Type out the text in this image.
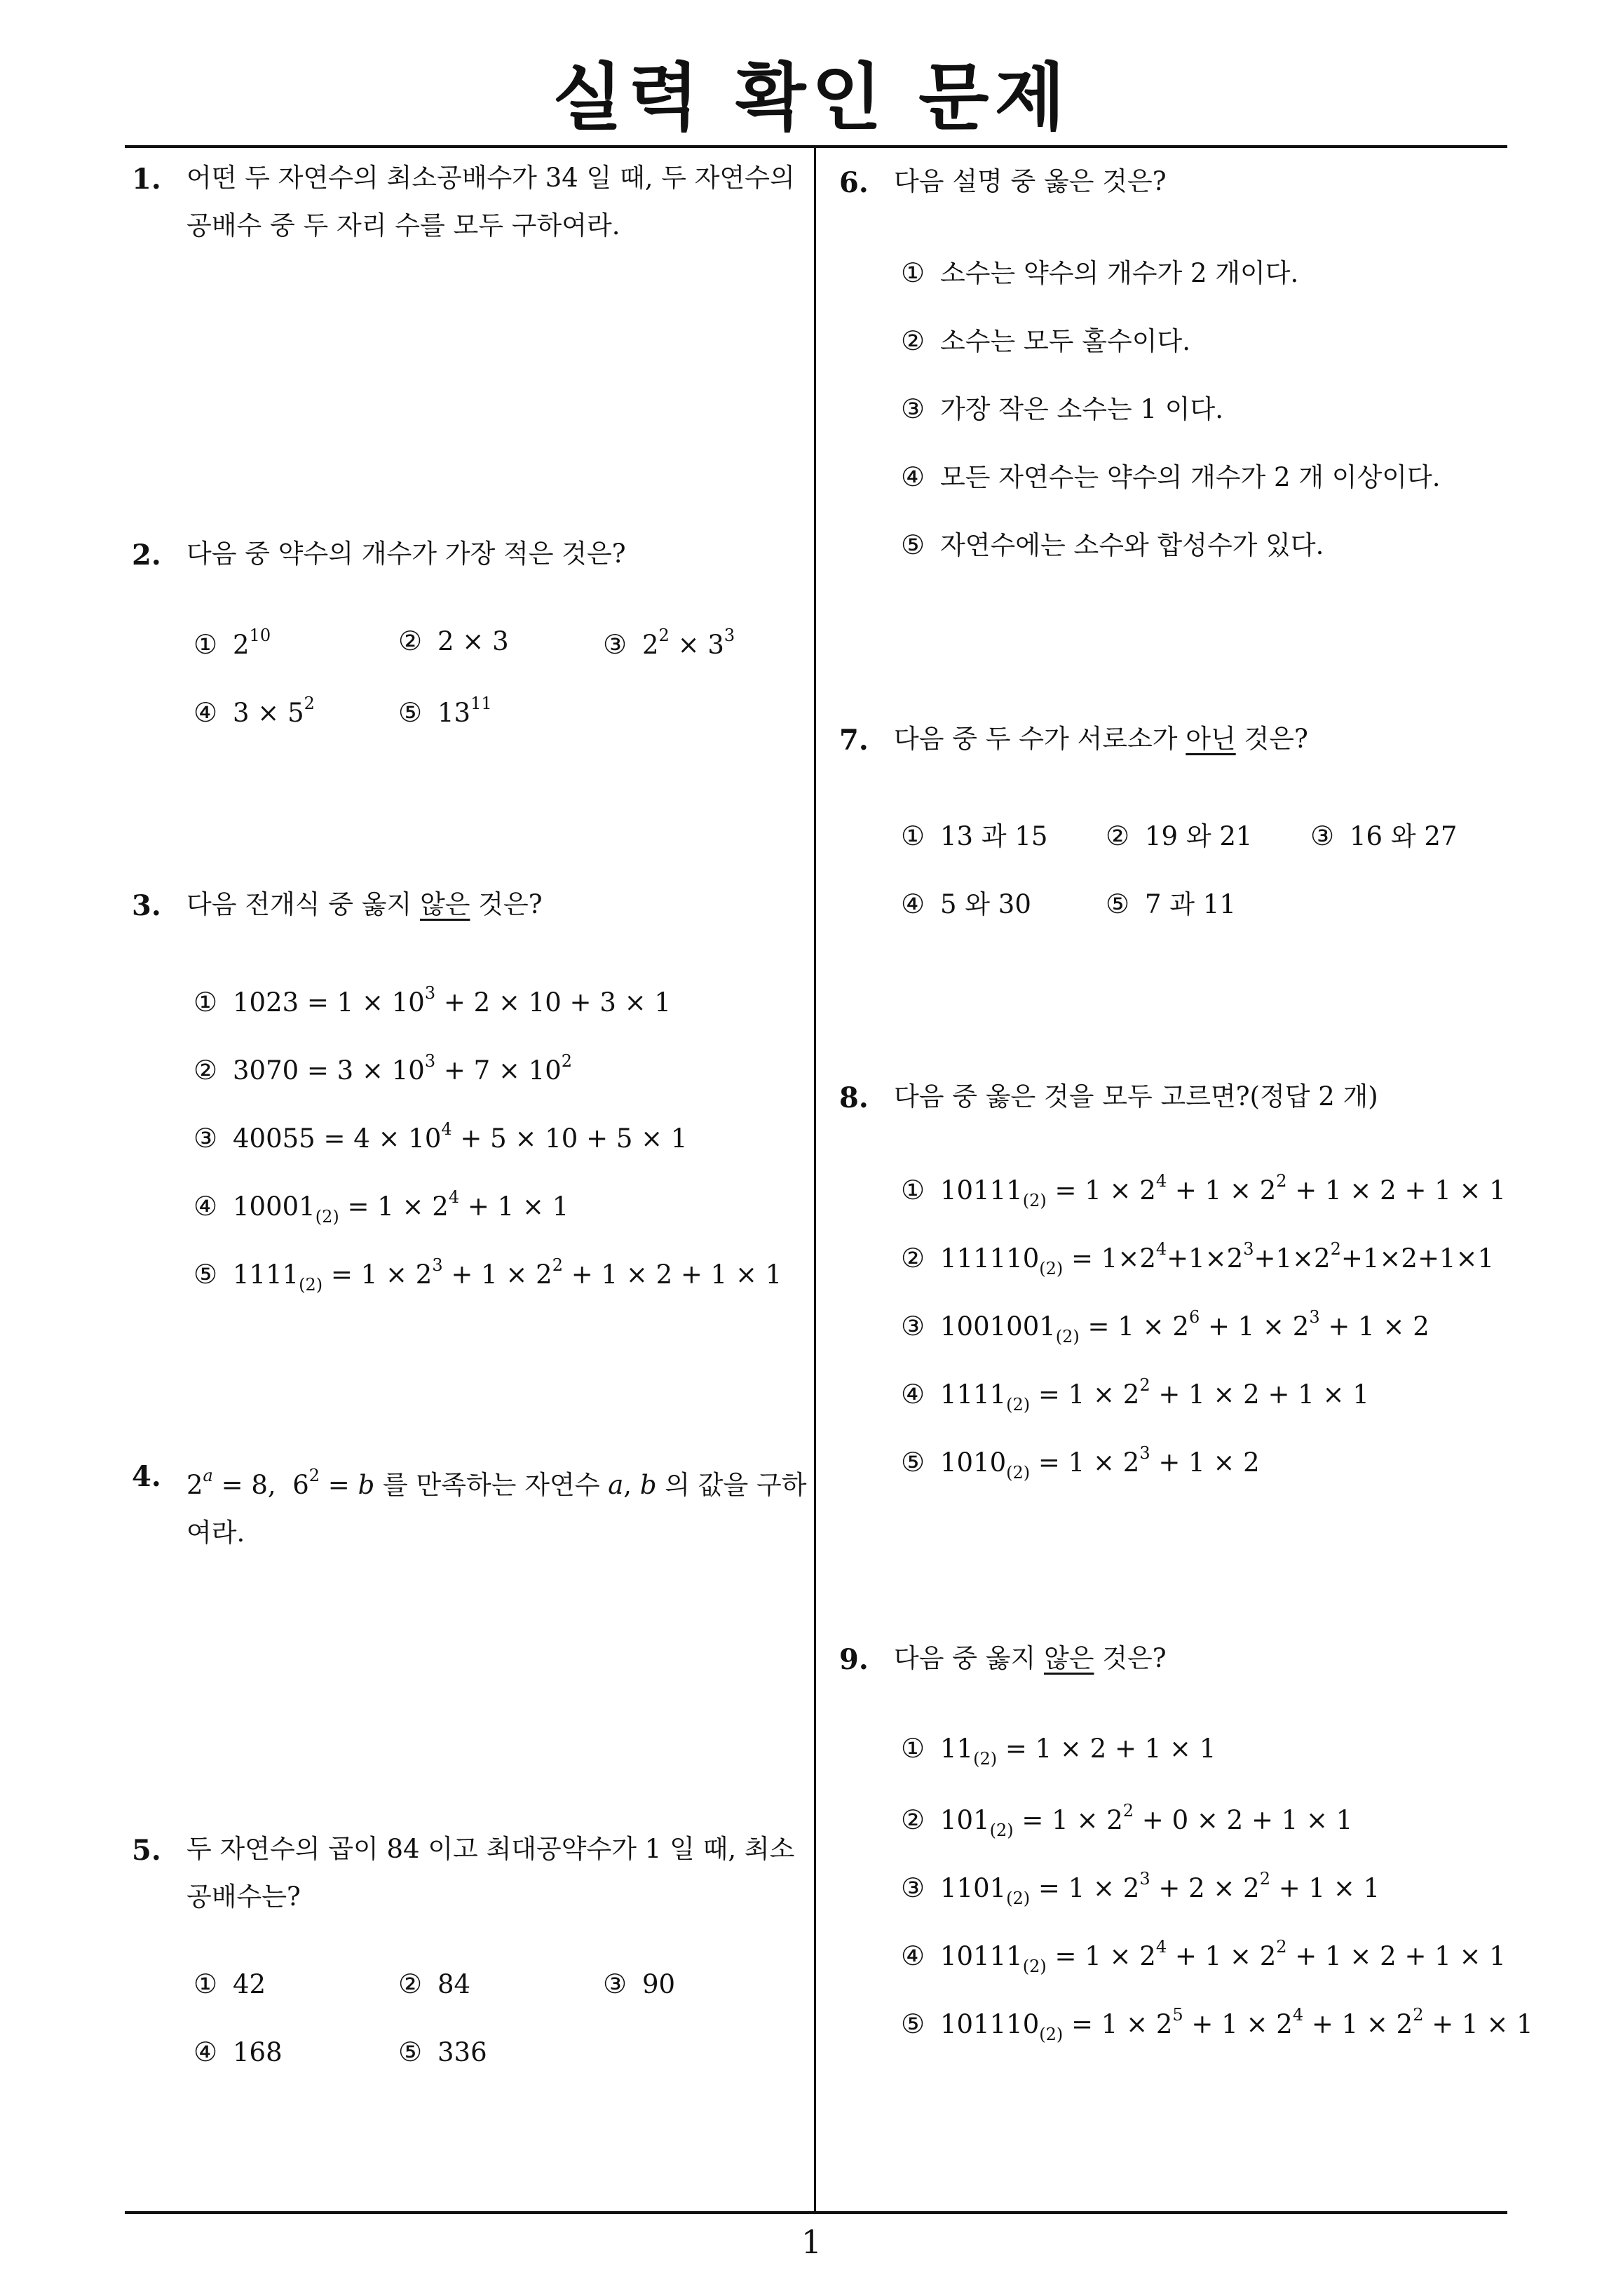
실력 확인 문제
1
1. 어떤 두 자연수의 최소공배수가 34 일 때, 두 자연수의
공배수 중 두 자리 수를 모두 구하여라.
2. 다음 중 약수의 개수가 가장 적은 것은?
① $2^{10}$	② 2 × 3	③ $2^2 \times 3^3$
④ $3 \times 5^2$	⑤ $13^{11}$
3. 다음 전개식 중 옳지 않은 것은?
① $1023 = 1 \times 10^3 + 2 \times 10 + 3 \times 1$
② $3070 = 3 \times 10^3 + 7 \times 10^2$
③ $40055 = 4 \times 10^4 + 5 \times 10 + 5 \times 1$
④ $10001_{(2)} = 1 \times 2^4 + 1 \times 1$
⑤ $1111_{(2)} = 1 \times 2^3 + 1 \times 2^2 + 1 \times 2 + 1 \times 1$
4. $2^a = 8$,  $6^2 = b$ 를 만족하는 자연수 a, b 의 값을 구하
여라.
5. 두 자연수의 곱이 84 이고 최대공약수가 1 일 때, 최소
공배수는?
① 42	② 84	③ 90
④ 168	⑤ 336
6. 다음 설명 중 옳은 것은?
① 소수는 약수의 개수가 2 개이다.
② 소수는 모두 홀수이다.
③ 가장 작은 소수는 1 이다.
④ 모든 자연수는 약수의 개수가 2 개 이상이다.
⑤ 자연수에는 소수와 합성수가 있다.
7. 다음 중 두 수가 서로소가 아닌 것은?
① 13 과 15 ② 19 와 21 ③ 16 와 27
④ 5 와 30	⑤ 7 과 11
8. 다음 중 옳은 것을 모두 고르면?(정답 2 개)
① $10111_{(2)} = 1 \times 2^4 + 1 \times 2^2 + 1 \times 2 + 1 \times 1$
② $111110_{(2)} = 1\times 2^4+1\times 2^3+1\times 2^2+1\times 2+1\times 1$
③ $1001001_{(2)} = 1 \times 2^6 + 1 \times 2^3 + 1 \times 2$
④ $1111_{(2)} = 1 \times 2^2 + 1 \times 2 + 1 \times 1$
⑤ $1010_{(2)} = 1 \times 2^3 + 1 \times 2$
9. 다음 중 옳지 않은 것은?
① $11_{(2)} = 1 \times 2 + 1 \times 1$
② $101_{(2)} = 1 \times 2^2 + 0 \times 2 + 1 \times 1$
③ $1101_{(2)} = 1 \times 2^3 + 2 \times 2^2 + 1 \times 1$
④ $10111_{(2)} = 1 \times 2^4 + 1 \times 2^2 + 1 \times 2 + 1 \times 1$
⑤ $101110_{(2)} = 1 \times 2^5 + 1 \times 2^4 + 1 \times 2^2 + 1 \times 1$
